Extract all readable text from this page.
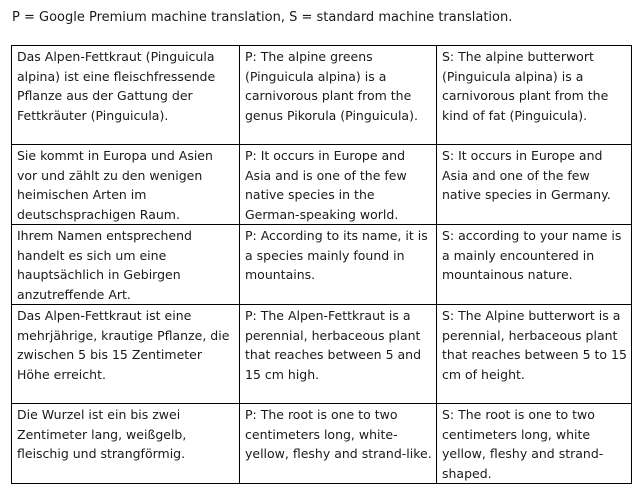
P = Google Premium machine translation, S = standard machine translation.
Das Alpen-Fettkraut (Pinguicula alpina) ist eine fleischfressende Pflanze aus der Gattung der Fettkräuter (Pinguicula).	P: The alpine greens (Pinguicula alpina) is a carnivorous plant from the genus Pikorula (Pinguicula).	S: The alpine butterwort (Pinguicula alpina) is a carnivorous plant from the kind of fat (Pinguicula).
Sie kommt in Europa und Asien vor und zählt zu den wenigen heimischen Arten im deutschsprachigen Raum.	P: It occurs in Europe and Asia and is one of the few native species in the German-speaking world.	S: It occurs in Europe and Asia and one of the few native species in Germany.
Ihrem Namen entsprechend handelt es sich um eine hauptsächlich in Gebirgen anzutreffende Art.	P: According to its name, it is a species mainly found in mountains.	S: according to your name is a mainly encountered in mountainous nature.
Das Alpen-Fettkraut ist eine mehrjährige, krautige Pflanze, die zwischen 5 bis 15 Zentimeter Höhe erreicht.	P: The Alpen-Fettkraut is a perennial, herbaceous plant that reaches between 5 and 15 cm high.	S: The Alpine butterwort is a perennial, herbaceous plant that reaches between 5 to 15 cm of height.
Die Wurzel ist ein bis zwei Zentimeter lang, weißgelb, fleischig und strangförmig.	P: The root is one to two centimeters long, white-yellow, fleshy and strand-like.	S: The root is one to two centimeters long, white yellow, fleshy and strand-shaped.
